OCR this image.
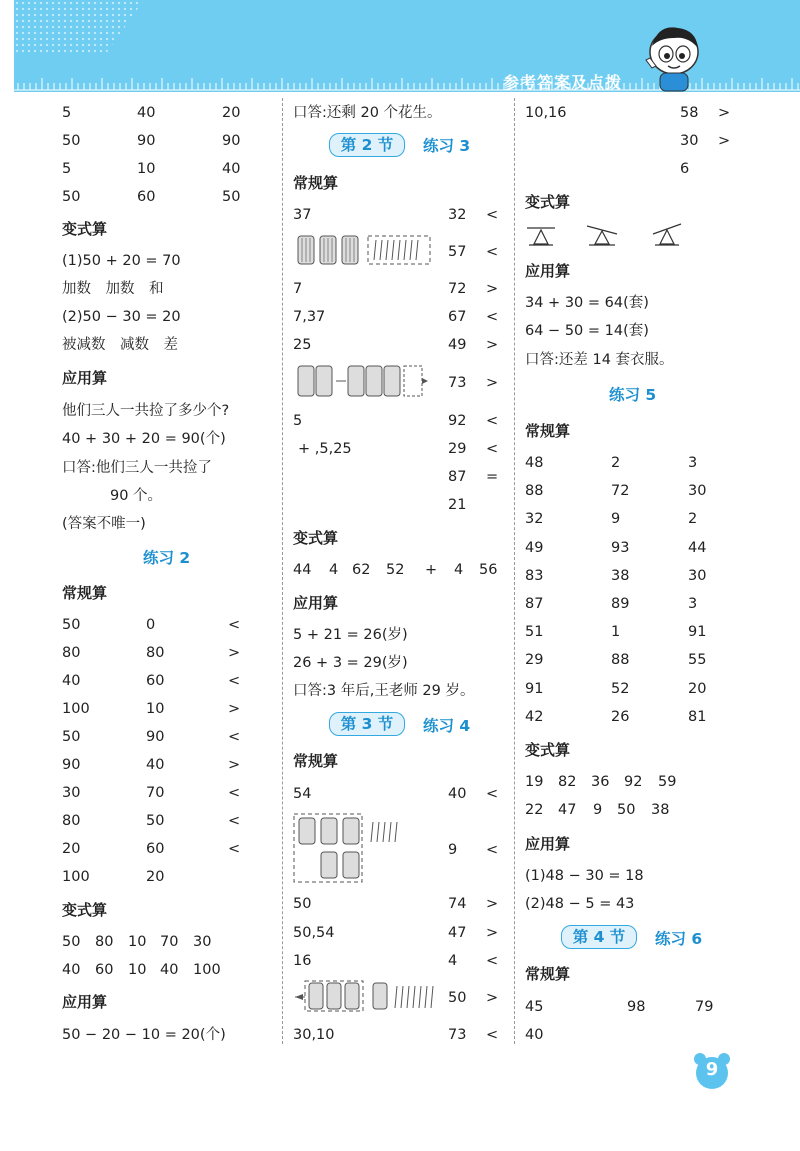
参考答案及点拨
5	40	20
50	90	90
5	10	40
50	60	50
变式算
(1)50 + 20 = 70
加数　加数　和
(2)50 − 30 = 20
被减数　减数　差
应用算
他们三人一共捡了多少个?
40 + 30 + 20 = 90(个)
口答:他们三人一共捡了
90 个。
(答案不唯一)
练习 2
常规算
50	0	<
80	80	>
40	60	<
100	10	>
50	90	<
90	40	>
30	70	<
80	50	<
20	60	<
100	20
变式算
50 80 10 70 30
40 60 10 40 100
应用算
50 − 20 − 10 = 20(个)
口答:还剩 20 个花生。
第 2 节	练习 3
常规算
37	32 <
57 <
7	72 >
7,37	67 <
25	49 >
73 >
5	92 <
+ ,5,25	29 <
87 =
21
变式算
44 4 62 52 + 4 56
应用算
5 + 21 = 26(岁)
26 + 3 = 29(岁)
口答:3 年后,王老师 29 岁。
第 3 节	练习 4
常规算
54	40 <
9 <
50	74 >
50,54	47 >
16	4 <
50 >
30,10	73 <
10,16	58 >
30 >
6
变式算
应用算
34 + 30 = 64(套)
64 − 50 = 14(套)
口答:还差 14 套衣服。
练习 5
常规算
48	2	3
88	72	30
32	9	2
49	93	44
83	38	30
87	89	3
51	1	91
29	88	55
91	52	20
42	26	81
变式算
19 82 36 92 59
22 47 9 50 38
应用算
(1)48 − 30 = 18
(2)48 − 5 = 43
第 4 节	练习 6
常规算
45	98	79
40
9
